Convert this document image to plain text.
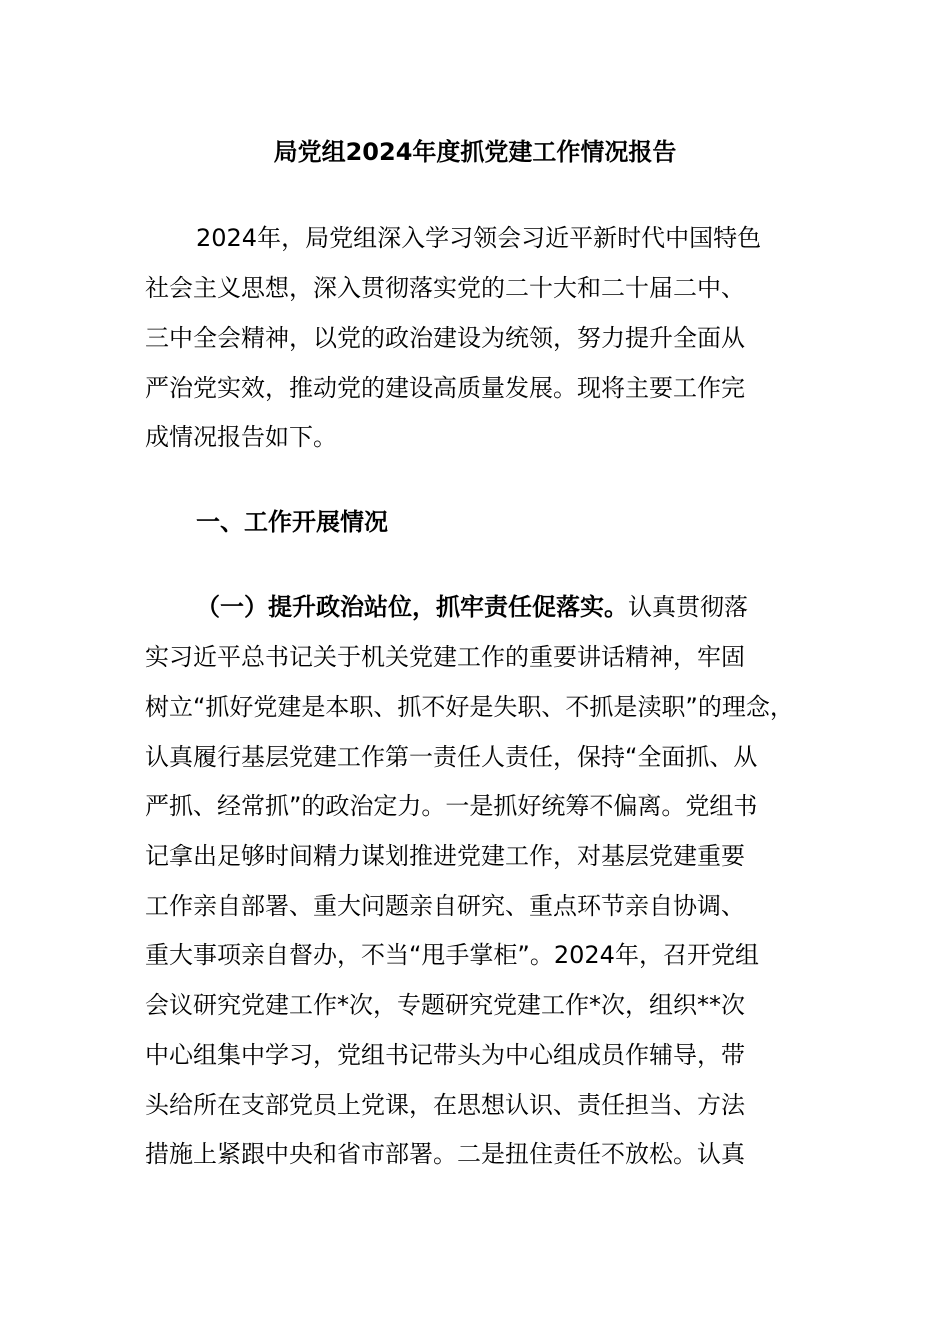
局党组2024年度抓党建工作情况报告
2024年，局党组深入学习领会习近平新时代中国特色
社会主义思想，深入贯彻落实党的二十大和二十届二中、
三中全会精神，以党的政治建设为统领，努力提升全面从
严治党实效，推动党的建设高质量发展。现将主要工作完
成情况报告如下。
一、工作开展情况
（一）提升政治站位，抓牢责任促落实。认真贯彻落
实习近平总书记关于机关党建工作的重要讲话精神，牢固
树立“抓好党建是本职、抓不好是失职、不抓是渎职”的理念，
认真履行基层党建工作第一责任人责任，保持“全面抓、从
严抓、经常抓”的政治定力。一是抓好统筹不偏离。党组书
记拿出足够时间精力谋划推进党建工作，对基层党建重要
工作亲自部署、重大问题亲自研究、重点环节亲自协调、
重大事项亲自督办，不当“甩手掌柜”。2024年，召开党组
会议研究党建工作*次，专题研究党建工作*次，组织**次
中心组集中学习，党组书记带头为中心组成员作辅导，带
头给所在支部党员上党课，在思想认识、责任担当、方法
措施上紧跟中央和省市部署。二是扭住责任不放松。认真
